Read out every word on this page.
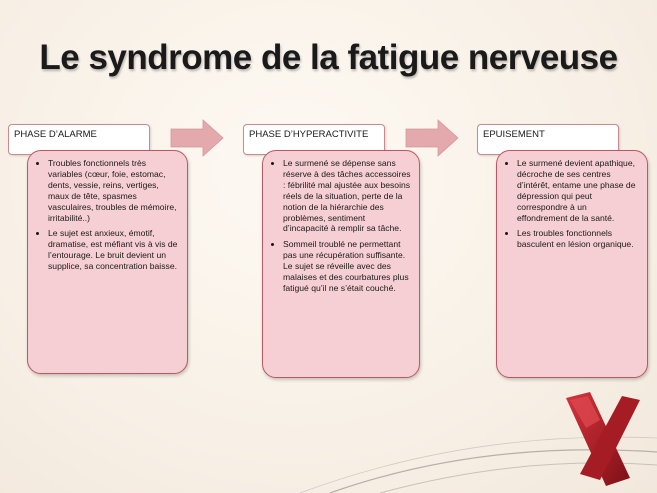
Le syndrome de la fatigue nerveuse
PHASE D’ALARME
• Troubles fonctionnels très variables (cœur, foie, estomac, dents, vessie, reins, vertiges, maux de tête, spasmes vasculaires, troubles de mémoire, irritabilité..)
• Le sujet est anxieux, émotif, dramatise, est méfiant vis à vis de l’entourage. Le bruit devient un supplice, sa concentration baisse.
PHASE D’HYPERACTIVITE
• Le surmené se dépense sans réserve à des tâches accessoires : fébrilité mal ajustée aux besoins réels de la situation, perte de la notion de la hiérarchie des problèmes, sentiment d’incapacité à remplir sa tâche.
• Sommeil troublé ne permettant pas une récupération suffisante. Le sujet se réveille avec des malaises et des courbatures plus fatigué qu’il ne s’était couché.
EPUISEMENT
• Le surmené devient apathique, décroche de ses centres d’intérêt, entame une phase de dépression qui peut correspondre à un effondrement de la santé.
• Les troubles fonctionnels basculent en lésion organique.
